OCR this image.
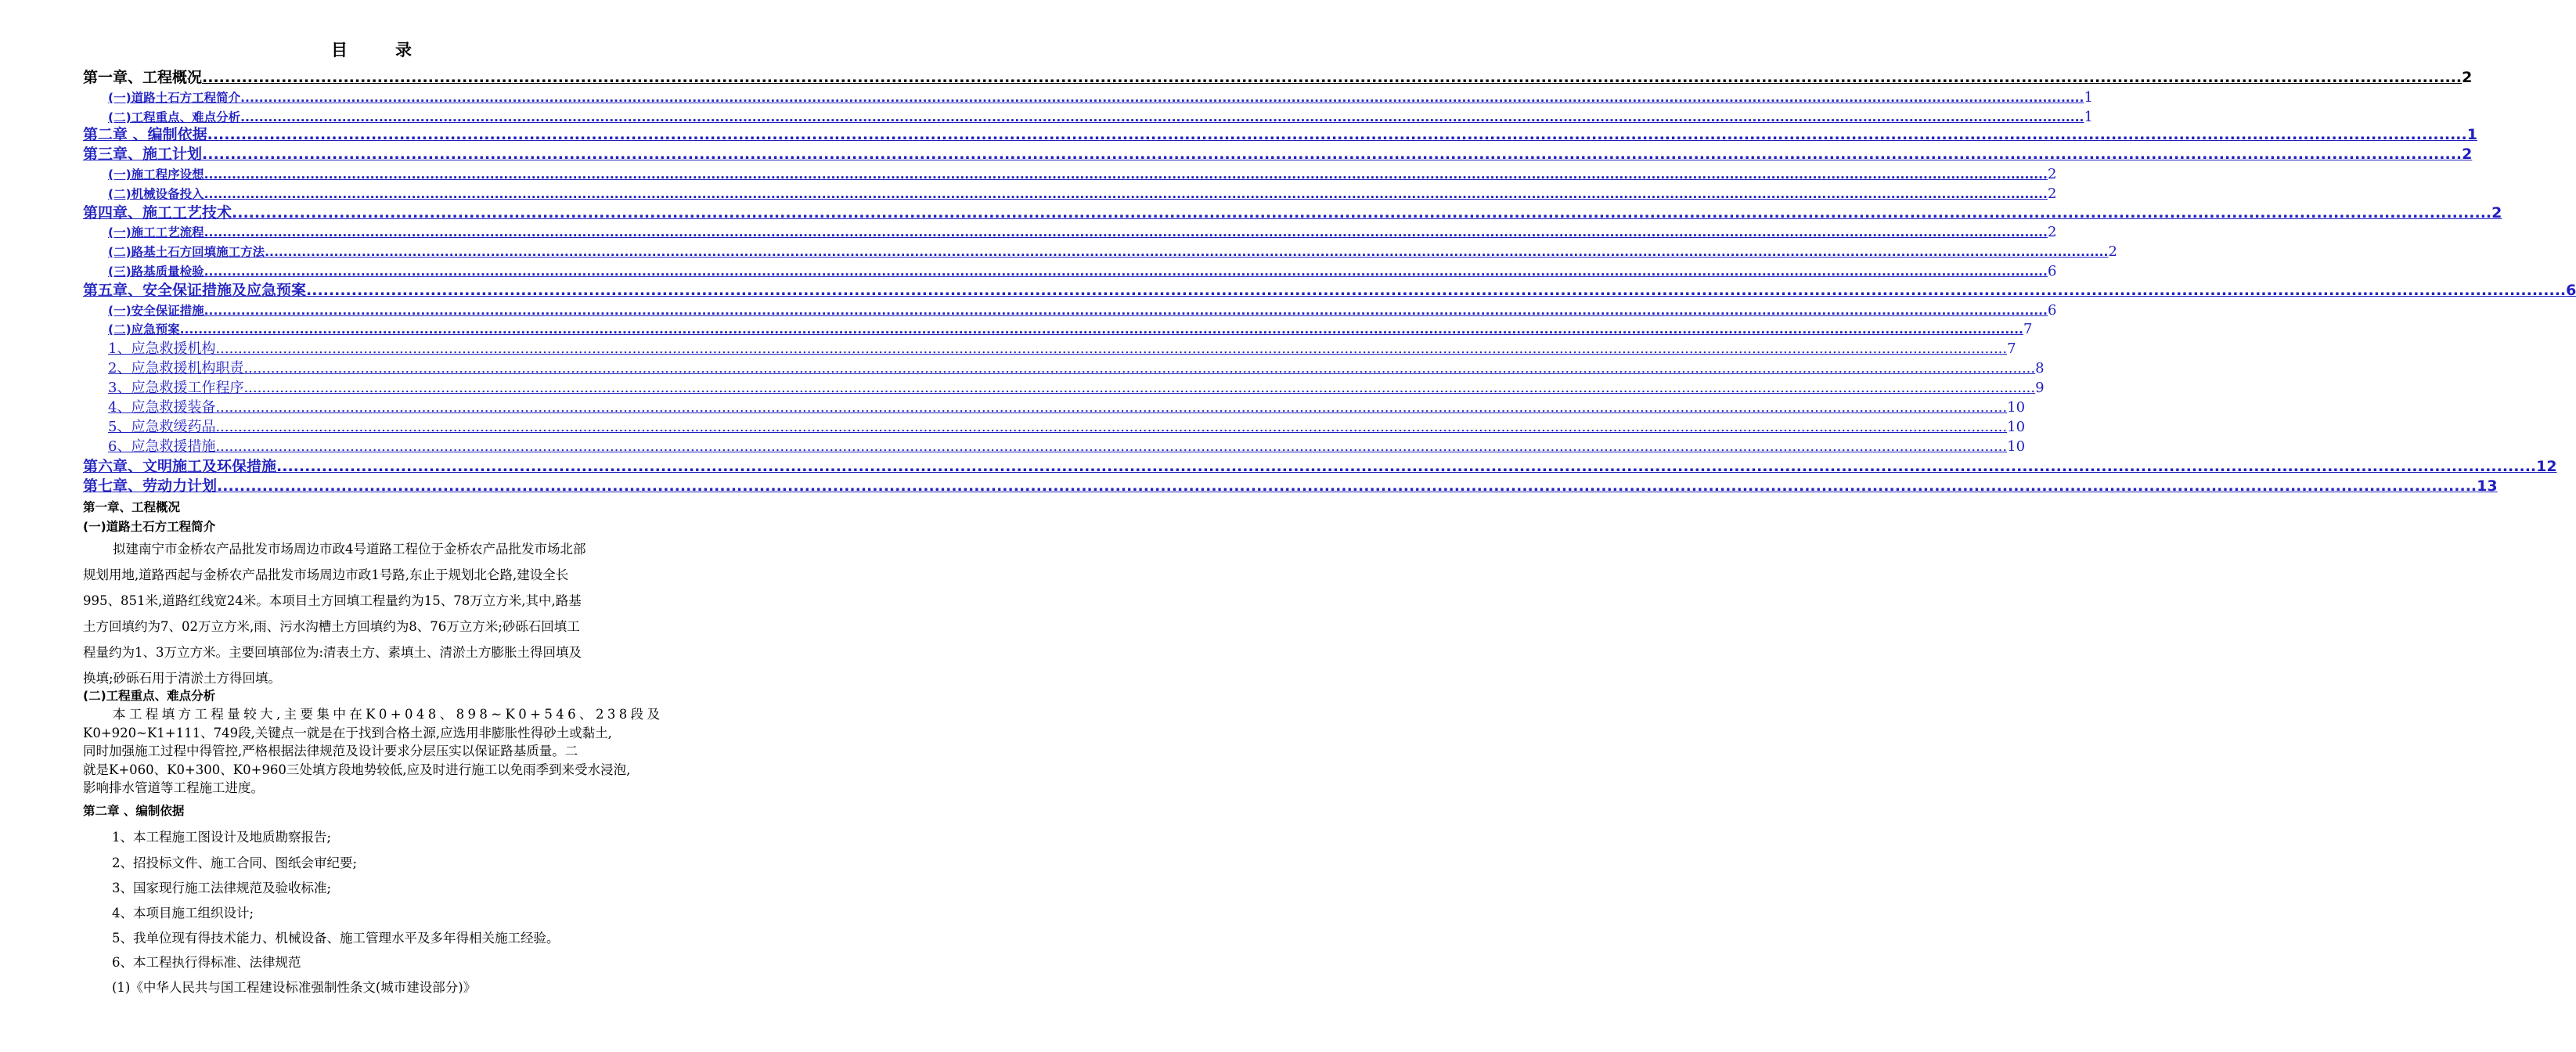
目	录
第一章、工程概况 ................................................................................................................................................................................................................................................................................................................................................................................................................ 2
(一)道路土石方工程简介 ................................................................................................................................................................................................................................................................................................................................................................................................................ 1
(二)工程重点、难点分析 ................................................................................................................................................................................................................................................................................................................................................................................................................ 1
第二章 、编制依据 ................................................................................................................................................................................................................................................................................................................................................................................................................ 1
第三章、施工计划 ................................................................................................................................................................................................................................................................................................................................................................................................................ 2
(一)施工程序设想 ................................................................................................................................................................................................................................................................................................................................................................................................................ 2
(二)机械设备投入 ................................................................................................................................................................................................................................................................................................................................................................................................................ 2
第四章、施工工艺技术 ................................................................................................................................................................................................................................................................................................................................................................................................................ 2
(一)施工工艺流程 ................................................................................................................................................................................................................................................................................................................................................................................................................ 2
(二)路基土石方回填施工方法 ................................................................................................................................................................................................................................................................................................................................................................................................................ 2
(三)路基质量检验 ................................................................................................................................................................................................................................................................................................................................................................................................................ 6
第五章、安全保证措施及应急预案 ................................................................................................................................................................................................................................................................................................................................................................................................................ 6
(一)安全保证措施 ................................................................................................................................................................................................................................................................................................................................................................................................................ 6
(二)应急预案 ................................................................................................................................................................................................................................................................................................................................................................................................................ 7
1、应急救援机构 ................................................................................................................................................................................................................................................................................................................................................................................................................ 7
2、应急救援机构职责 ................................................................................................................................................................................................................................................................................................................................................................................................................ 8
3、应急救援工作程序 ................................................................................................................................................................................................................................................................................................................................................................................................................ 9
4、应急救援装备 ................................................................................................................................................................................................................................................................................................................................................................................................................ 10
5、应急救缓药品 ................................................................................................................................................................................................................................................................................................................................................................................................................ 10
6、应急救援措施 ................................................................................................................................................................................................................................................................................................................................................................................................................ 10
第六章、文明施工及环保措施 ................................................................................................................................................................................................................................................................................................................................................................................................................ 12
第七章、劳动力计划 ................................................................................................................................................................................................................................................................................................................................................................................................................ 13
第一章、工程概况
(一)道路土石方工程简介
拟建南宁市金桥农产品批发市场周边市政4号道路工程位于金桥农产品批发市场北部
规划用地,道路西起与金桥农产品批发市场周边市政1号路,东止于规划北仑路,建设全长
995、851米,道路红线宽24米。本项目土方回填工程量约为15、78万立方米,其中,路基
土方回填约为7、02万立方米,雨、污水沟槽土方回填约为8、76万立方米;砂砾石回填工
程量约为1、3万立方米。主要回填部位为:清表土方、素填土、清淤土方膨胀土得回填及
换填;砂砾石用于清淤土方得回填。
(二)工程重点、难点分析
本工程填方工程量较大,主要集中在K0+048、898~K0+546、238段及
K0+920~K1+111、749段,关键点一就是在于找到合格土源,应选用非膨胀性得砂土或黏土,
同时加强施工过程中得管控,严格根据法律规范及设计要求分层压实以保证路基质量。二
就是K+060、K0+300、K0+960三处填方段地势较低,应及时进行施工以免雨季到来受水浸泡,
影响排水管道等工程施工进度。
第二章 、编制依据
1、本工程施工图设计及地质勘察报告;
2、招投标文件、施工合同、图纸会审纪要;
3、国家现行施工法律规范及验收标准;
4、本项目施工组织设计;
5、我单位现有得技术能力、机械设备、施工管理水平及多年得相关施工经验。
6、本工程执行得标准、法律规范
(1)《中华人民共与国工程建设标准强制性条文(城市建设部分)》
